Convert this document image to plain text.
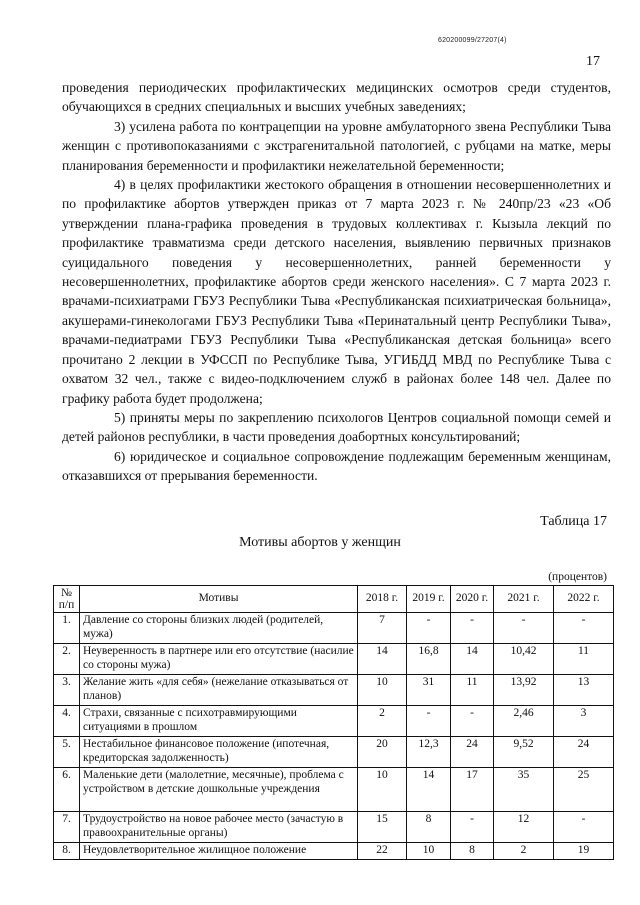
620200099/27207(4)
17

проведения периодических профилактических медицинских осмотров среди студентов, обучающихся в средних специальных и высших учебных заведениях;

3) усилена работа по контрацепции на уровне амбулаторного звена Республики Тыва женщин с противопоказаниями с экстрагенитальной патологией, с рубцами на матке, меры планирования беременности и профилактики нежелательной беременности;

4) в целях профилактики жестокого обращения в отношении несовершеннолетних и по профилактике абортов утвержден приказ от 7 марта 2023 г. № 240пр/23 «23 «Об утверждении плана-графика проведения в трудовых коллективах г. Кызыла лекций по профилактике травматизма среди детского населения, выявлению первичных признаков суицидального поведения у несовершеннолетних, ранней беременности у несовершеннолетних, профилактике абортов среди женского населения». С 7 марта 2023 г. врачами-психиатрами ГБУЗ Республики Тыва «Республиканская психиатрическая больница», акушерами-гинекологами ГБУЗ Республики Тыва «Перинатальный центр Республики Тыва», врачами-педиатрами ГБУЗ Республики Тыва «Республиканская детская больница» всего прочитано 2 лекции в УФССП по Республике Тыва, УГИБДД МВД по Республике Тыва с охватом 32 чел., также с видео-подключением служб в районах более 148 чел. Далее по графику работа будет продолжена;

5) приняты меры по закреплению психологов Центров социальной помощи семей и детей районов республики, в части проведения доабортных консультирований;

6) юридическое и социальное сопровождение подлежащим беременным женщинам, отказавшихся от прерывания беременности.

Таблица 17
Мотивы абортов у женщин
(процентов)
№
п/п	Мотивы	2018 г.	2019 г.	2020 г.	2021 г.	2022 г.
1.	Давление со стороны близких людей (родителей, мужа)	7	-	-	-	-
2.	Неуверенность в партнере или его отсутствие (насилие со стороны мужа)	14	16,8	14	10,42	11
3.	Желание жить «для себя» (нежелание отказываться от планов)	10	31	11	13,92	13
4.	Страхи, связанные с психотравмирующими ситуациями в прошлом	2	-	-	2,46	3
5.	Нестабильное финансовое положение (ипотечная, кредиторская задолженность)	20	12,3	24	9,52	24
6.	Маленькие дети (малолетние, месячные), проблема с устройством в детские дошкольные учреждения	10	14	17	35	25
7.	Трудоустройство на новое рабочее место (зачастую в правоохранительные органы)	15	8	-	12	-
8.	Неудовлетворительное жилищное положение	22	10	8	2	19
